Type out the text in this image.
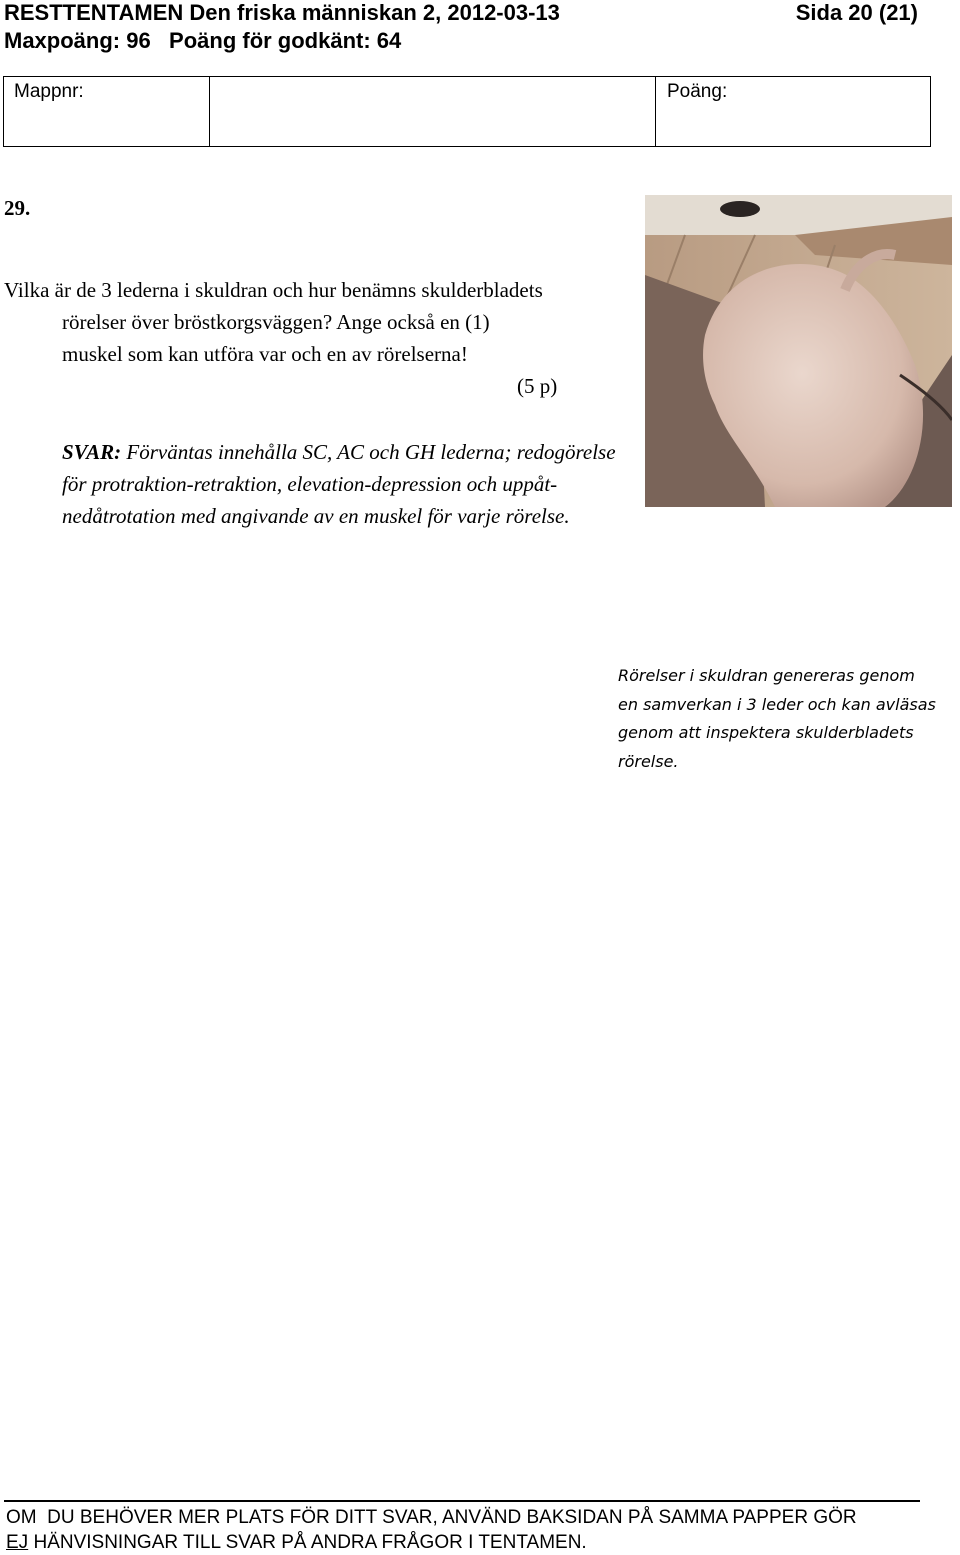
RESTTENTAMEN Den friska människan 2, 2012-03-13	Sida 20 (21)
Maxpoäng: 96   Poäng för godkänt: 64
Mappnr:	Poäng:
29.
Vilka är de 3 lederna i skuldran och hur benämns skulderbladets
rörelser över bröstkorgsväggen? Ange också en (1)
muskel som kan utföra var och en av rörelserna!
(5 p)
SVAR: Förväntas innehålla SC, AC och GH lederna; redogörelse för protraktion-retraktion, elevation-depression och uppåt-nedåtrotation med angivande av en muskel för varje rörelse.
Rörelser i skuldran genereras genom en samverkan i 3 leder och kan avläsas genom att inspektera skulderbladets rörelse.
OM  DU BEHÖVER MER PLATS FÖR DITT SVAR, ANVÄND BAKSIDAN PÅ SAMMA PAPPER GÖR
EJ HÄNVISNINGAR TILL SVAR PÅ ANDRA FRÅGOR I TENTAMEN.
